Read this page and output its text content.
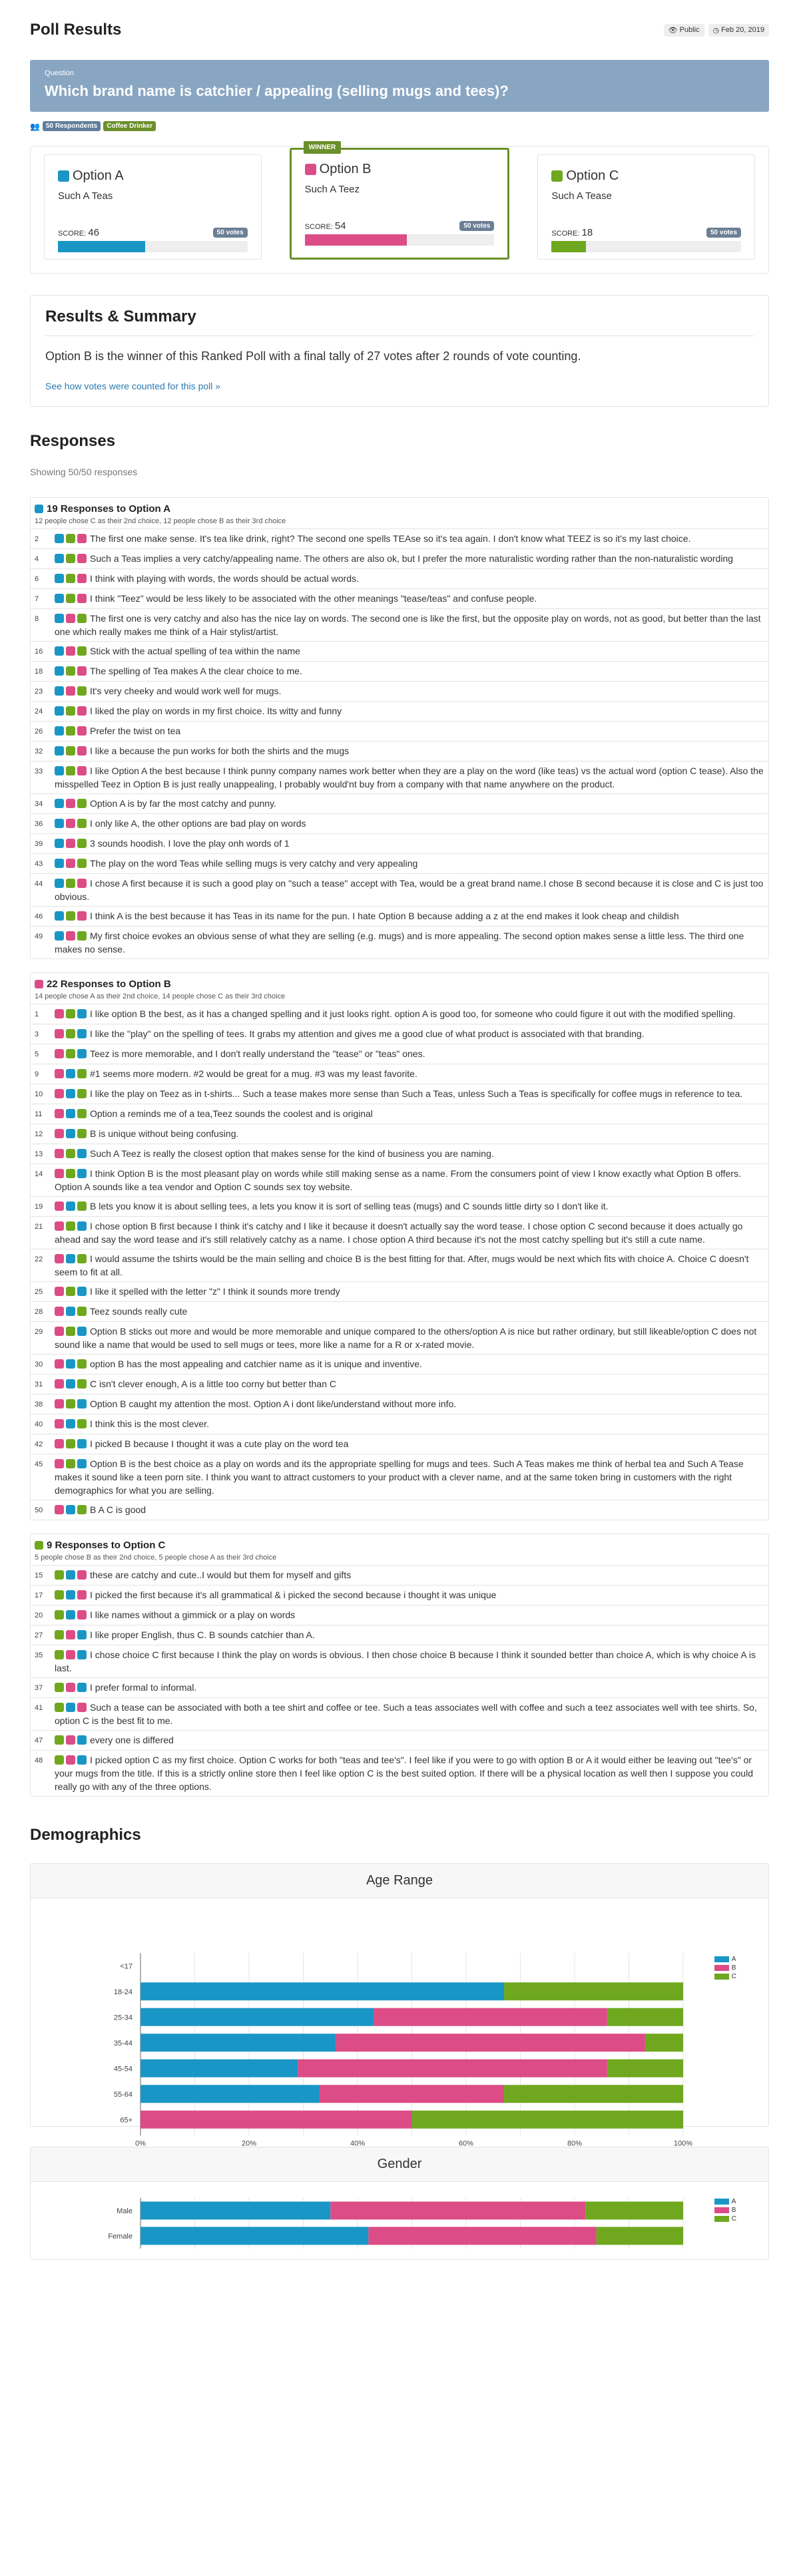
Poll Results	👁 Public ◷ Feb 20, 2019
Question
Which brand name is catchier / appealing (selling mugs and tees)?
👥 50 Respondents	Coffee Drinker
Option A
Such A Teas
SCORE: 46	50 votes
WINNER
Option B
Such A Teez
SCORE: 54	50 votes
Option C
Such A Tease
SCORE: 18	50 votes
Results & Summary
Option B is the winner of this Ranked Poll with a final tally of 27 votes after 2 rounds of vote counting.
See how votes were counted for this poll »
Responses
Showing 50/50 responses
19 Responses to Option A
12 people chose C as their 2nd choice, 12 people chose B as their 3rd choice
2	The first one make sense. It's tea like drink, right? The second one spells TEAse so it's tea again. I don't know what TEEZ is so it's my last choice.
4	Such a Teas implies a very catchy/appealing name. The others are also ok, but I prefer the more naturalistic wording rather than the non-naturalistic wording
6	I think with playing with words, the words should be actual words.
7	I think "Teez" would be less likely to be associated with the other meanings "tease/teas" and confuse people.
8	The first one is very catchy and also has the nice lay on words. The second one is like the first, but the opposite play on words, not as good, but better than the last one which really makes me think of a Hair stylist/artist.
16	Stick with the actual spelling of tea within the name
18	The spelling of Tea makes A the clear choice to me.
23	It's very cheeky and would work well for mugs.
24	I liked the play on words in my first choice. Its witty and funny
26	Prefer the twist on tea
32	I like a because the pun works for both the shirts and the mugs
33	I like Option A the best because I think punny company names work better when they are a play on the word (like teas) vs the actual word (option C tease). Also the misspelled Teez in Option B is just really unappealing, I probably would'nt buy from a company with that name anywhere on the product.
34	Option A is by far the most catchy and punny.
36	I only like A, the other options are bad play on words
39	3 sounds hoodish. I love the play onh words of 1
43	The play on the word Teas while selling mugs is very catchy and very appealing
44	I chose A first because it is such a good play on "such a tease" accept with Tea, would be a great brand name.I chose B second because it is close and C is just too obvious.
46	I think A is the best because it has Teas in its name for the pun. I hate Option B because adding a z at the end makes it look cheap and childish
49	My first choice evokes an obvious sense of what they are selling (e.g. mugs) and is more appealing. The second option makes sense a little less. The third one makes no sense.
22 Responses to Option B
14 people chose A as their 2nd choice, 14 people chose C as their 3rd choice
1	I like option B the best, as it has a changed spelling and it just looks right. option A is good too, for someone who could figure it out with the modified spelling.
3	I like the "play" on the spelling of tees. It grabs my attention and gives me a good clue of what product is associated with that branding.
5	Teez is more memorable, and I don't really understand the "tease" or "teas" ones.
9	#1 seems more modern. #2 would be great for a mug. #3 was my least favorite.
10	I like the play on Teez as in t-shirts... Such a tease makes more sense than Such a Teas, unless Such a Teas is specifically for coffee mugs in reference to tea.
11	Option a reminds me of a tea,Teez sounds the coolest and is original
12	B is unique without being confusing.
13	Such A Teez is really the closest option that makes sense for the kind of business you are naming.
14	I think Option B is the most pleasant play on words while still making sense as a name. From the consumers point of view I know exactly what Option B offers. Option A sounds like a tea vendor and Option C sounds sex toy website.
19	B lets you know it is about selling tees, a lets you know it is sort of selling teas (mugs) and C sounds little dirty so I don't like it.
21	I chose option B first because I think it's catchy and I like it because it doesn't actually say the word tease. I chose option C second because it does actually go ahead and say the word tease and it's still relatively catchy as a name. I chose option A third because it's not the most catchy spelling but it's still a cute name.
22	I would assume the tshirts would be the main selling and choice B is the best fitting for that. After, mugs would be next which fits with choice A. Choice C doesn't seem to fit at all.
25	I like it spelled with the letter "z" I think it sounds more trendy
28	Teez sounds really cute
29	Option B sticks out more and would be more memorable and unique compared to the others/option A is nice but rather ordinary, but still likeable/option C does not sound like a name that would be used to sell mugs or tees, more like a name for a R or x-rated movie.
30	option B has the most appealing and catchier name as it is unique and inventive.
31	C isn't clever enough, A is a little too corny but better than C
38	Option B caught my attention the most. Option A i dont like/understand without more info.
40	I think this is the most clever.
42	I picked B because I thought it was a cute play on the word tea
45	Option B is the best choice as a play on words and its the appropriate spelling for mugs and tees. Such A Teas makes me think of herbal tea and Such A Tease makes it sound like a teen porn site. I think you want to attract customers to your product with a clever name, and at the same token bring in customers with the right demographics for what you are selling.
50	B A C is good
9 Responses to Option C
5 people chose B as their 2nd choice, 5 people chose A as their 3rd choice
15	these are catchy and cute..I would but them for myself and gifts
17	I picked the first because it's all grammatical & i picked the second because i thought it was unique
20	I like names without a gimmick or a play on words
27	I like proper English, thus C. B sounds catchier than A.
35	I chose choice C first because I think the play on words is obvious. I then chose choice B because I think it sounded better than choice A, which is why choice A is last.
37	I prefer formal to informal.
41	Such a tease can be associated with both a tee shirt and coffee or tee. Such a teas associates well with coffee and such a teez associates well with tee shirts. So, option C is the best fit to me.
47	every one is differed
48	I picked option C as my first choice. Option C works for both "teas and tee's". I feel like if you were to go with option B or A it would either be leaving out "tee's" or your mugs from the title. If this is a strictly online store then I feel like option C is the best suited option. If there will be a physical location as well then I suppose you could really go with any of the three options.
Demographics
Age Range
<17
18-24
25-34
35-44
45-54
55-64
65+
0%	20%	40%	60%	80%	100%
A
B
C
Gender
Male
Female
A
B
C
